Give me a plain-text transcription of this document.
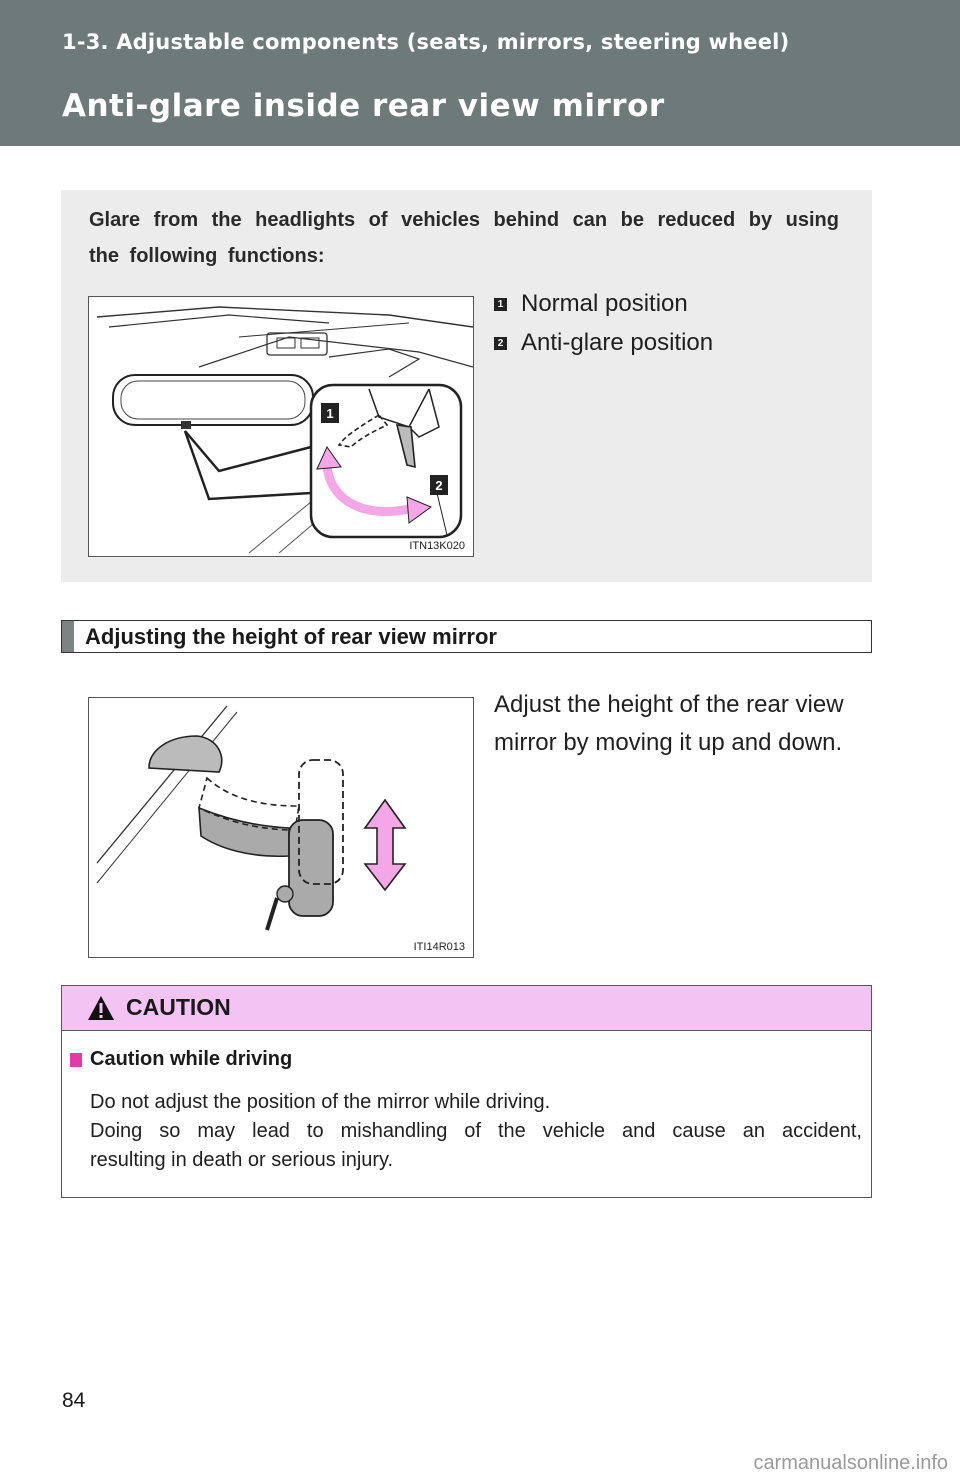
1-3. Adjustable components (seats, mirrors, steering wheel)
Anti-glare inside rear view mirror

Glare from the headlights of vehicles behind can be reduced by using the following functions:

1
2
ITN13K020
1 Normal position
2 Anti-glare position
Adjusting the height of rear view mirror
ITI14R013

Adjust the height of the rear view mirror by moving it up and down.

CAUTION
Caution while driving

Do not adjust the position of the mirror while driving.

Doing so may lead to mishandling of the vehicle and cause an accident,

resulting in death or serious injury.

84

carmanualsonline.info
